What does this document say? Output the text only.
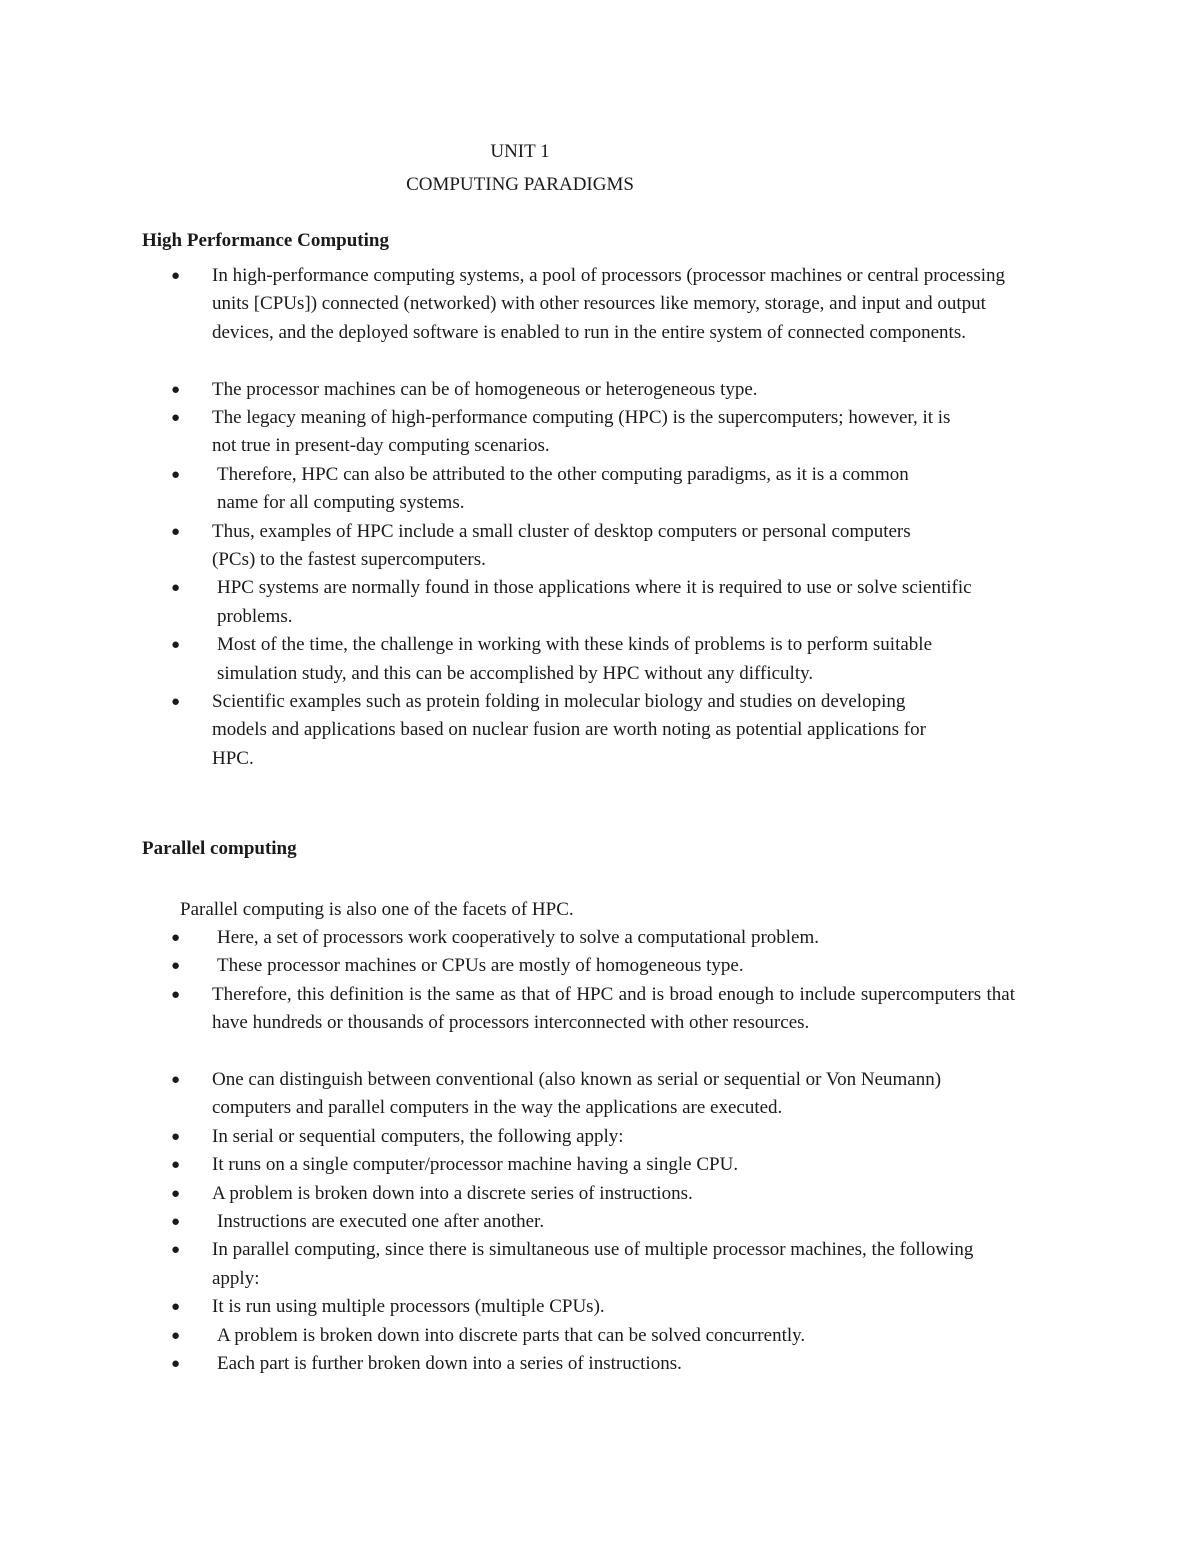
UNIT 1
COMPUTING PARADIGMS
High Performance Computing
● In high-performance computing systems, a pool of processors (processor machines or central processing units [CPUs]) connected (networked) with other resources like memory, storage, and input and output devices, and the deployed software is enabled to run in the entire system of connected components.
● The processor machines can be of homogeneous or heterogeneous type.
● The legacy meaning of high-performance computing (HPC) is the supercomputers; however, it is not true in present-day computing scenarios.
● Therefore, HPC can also be attributed to the other computing paradigms, as it is a common name for all computing systems.
● Thus, examples of HPC include a small cluster of desktop computers or personal computers (PCs) to the fastest supercomputers.
● HPC systems are normally found in those applications where it is required to use or solve scientific problems.
● Most of the time, the challenge in working with these kinds of problems is to perform suitable simulation study, and this can be accomplished by HPC without any difficulty.
● Scientific examples such as protein folding in molecular biology and studies on developing models and applications based on nuclear fusion are worth noting as potential applications for HPC.
Parallel computing
Parallel computing is also one of the facets of HPC.
● Here, a set of processors work cooperatively to solve a computational problem.
● These processor machines or CPUs are mostly of homogeneous type.
● Therefore, this definition is the same as that of HPC and is broad enough to include supercomputers that have hundreds or thousands of processors interconnected with other resources.
● One can distinguish between conventional (also known as serial or sequential or Von Neumann) computers and parallel computers in the way the applications are executed.
● In serial or sequential computers, the following apply:
● It runs on a single computer/processor machine having a single CPU.
● A problem is broken down into a discrete series of instructions.
● Instructions are executed one after another.
● In parallel computing, since there is simultaneous use of multiple processor machines, the following apply:
● It is run using multiple processors (multiple CPUs).
● A problem is broken down into discrete parts that can be solved concurrently.
● Each part is further broken down into a series of instructions.
